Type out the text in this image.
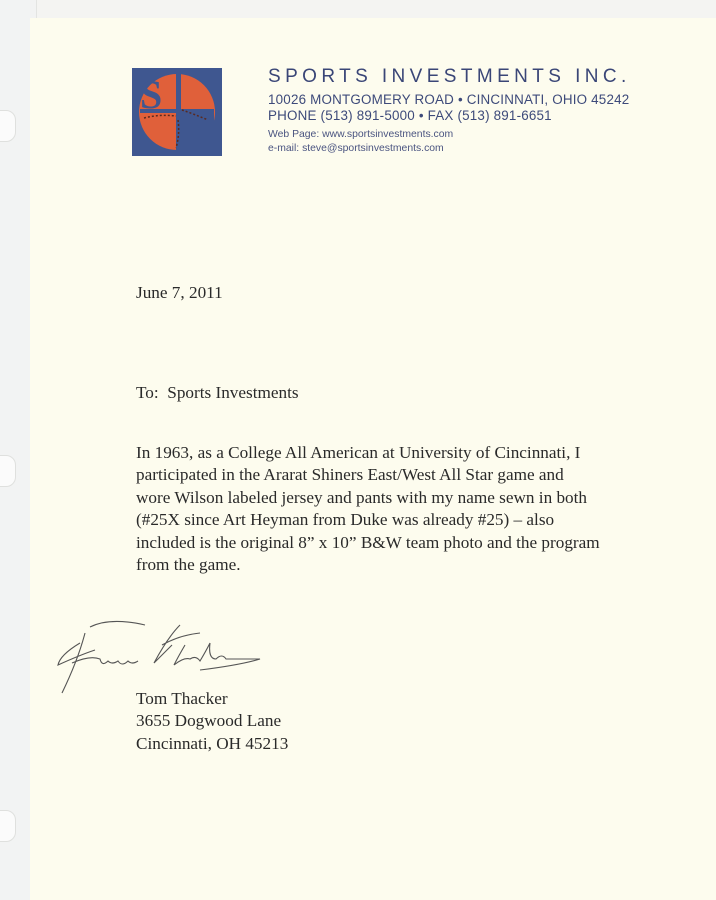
S	SPORTS INVESTMENTS INC.
10026 MONTGOMERY ROAD • CINCINNATI, OHIO 45242
PHONE (513) 891-5000 • FAX (513) 891-6651
Web Page: www.sportsinvestments.com
e-mail: steve@sportsinvestments.com
June 7, 2011
To:  Sports Investments
In 1963, as a College All American at University of Cincinnati, I
participated in the Ararat Shiners East/West All Star game and
wore Wilson labeled jersey and pants with my name sewn in both
(#25X since Art Heyman from Duke was already #25) – also
included is the original 8” x 10” B&W team photo and the program
from the game.
Tom Thacker
3655 Dogwood Lane
Cincinnati, OH 45213
